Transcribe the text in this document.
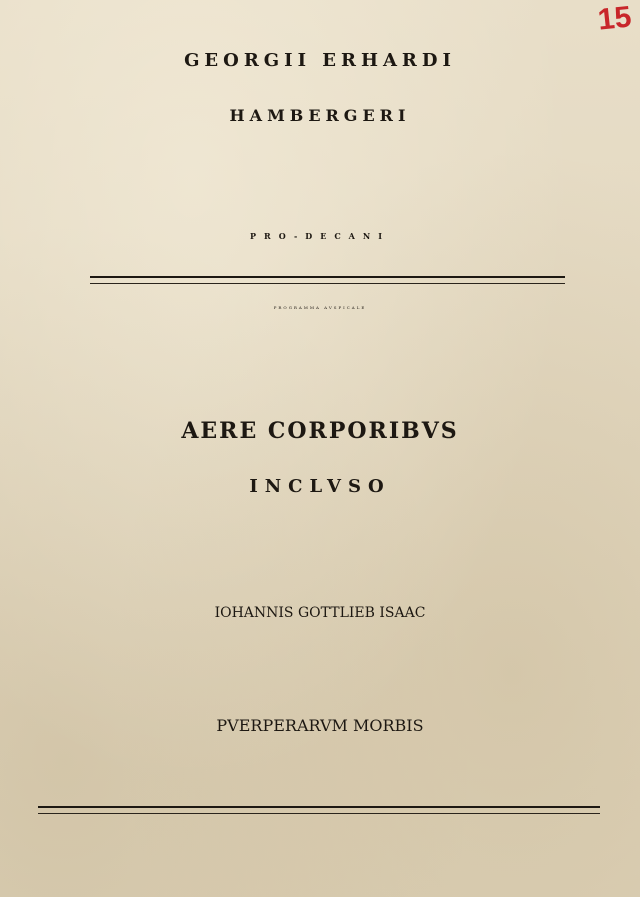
15
GEORGII ERHARDI
HAMBERGERI
PRO-DECANI
PROGRAMMA AVSPICALE
AERE CORPORIBVS
INCLVSO
IOHANNIS GOTTLIEB ISAAC
PVERPERARVM MORBIS
